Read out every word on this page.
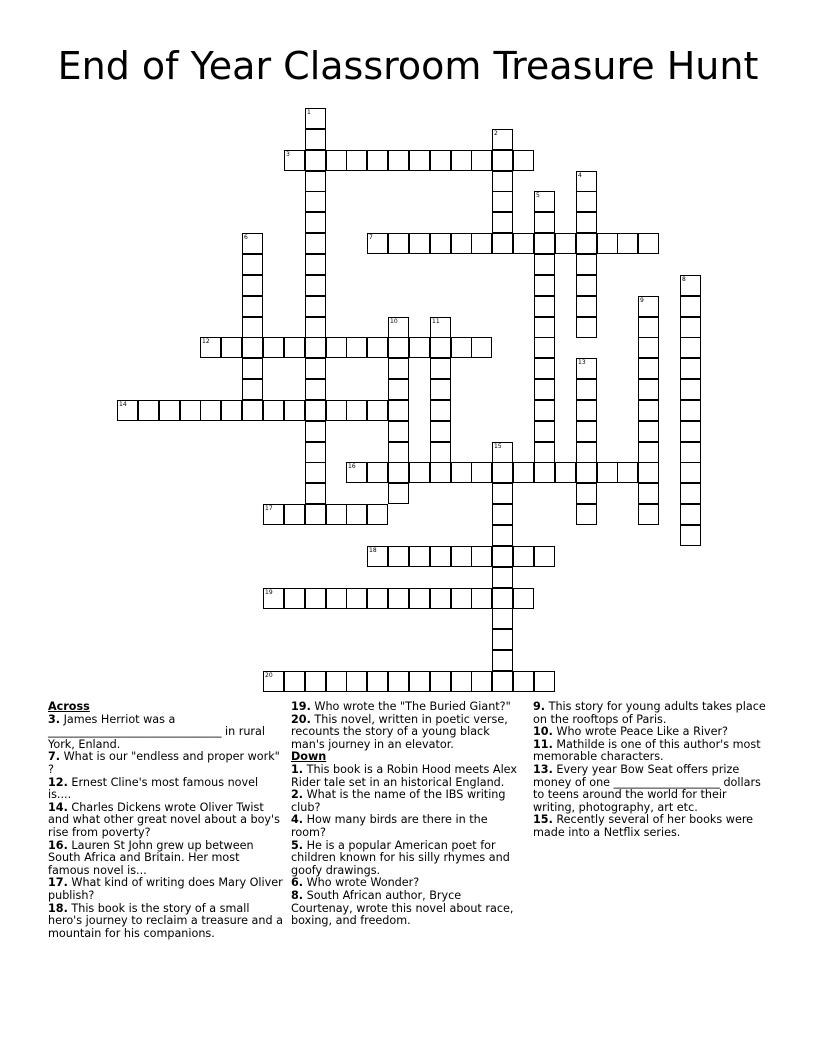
End of Year Classroom Treasure Hunt
1
2
3
4
5
6	7
8
9
10	11
12
13
14
15
16
17
18
19
20
Across
3. James Herriot was a _______________________________ in rural York, Enland.
7. What is our "endless and proper work" ?
12. Ernest Cline's most famous novel is....
14. Charles Dickens wrote Oliver Twist and what other great novel about a boy's rise from poverty?
16. Lauren St John grew up between South Africa and Britain. Her most famous novel is...
17. What kind of writing does Mary Oliver publish?
18. This book is the story of a small hero's journey to reclaim a treasure and a mountain for his companions.
19. Who wrote the "The Buried Giant?"
20. This novel, written in poetic verse, recounts the story of a young black man's journey in an elevator.
Down
1. This book is a Robin Hood meets Alex Rider tale set in an historical England.
2. What is the name of the IBS writing club?
4. How many birds are there in the room?
5. He is a popular American poet for children known for his silly rhymes and goofy drawings.
6. Who wrote Wonder?
8. South African author, Bryce Courtenay, wrote this novel about race, boxing, and freedom.
9. This story for young adults takes place on the rooftops of Paris.
10. Who wrote Peace Like a River?
11. Mathilde is one of this author's most memorable characters.
13. Every year Bow Seat offers prize money of one ___________________ dollars to teens around the world for their writing, photography, art etc.
15. Recently several of her books were made into a Netflix series.
